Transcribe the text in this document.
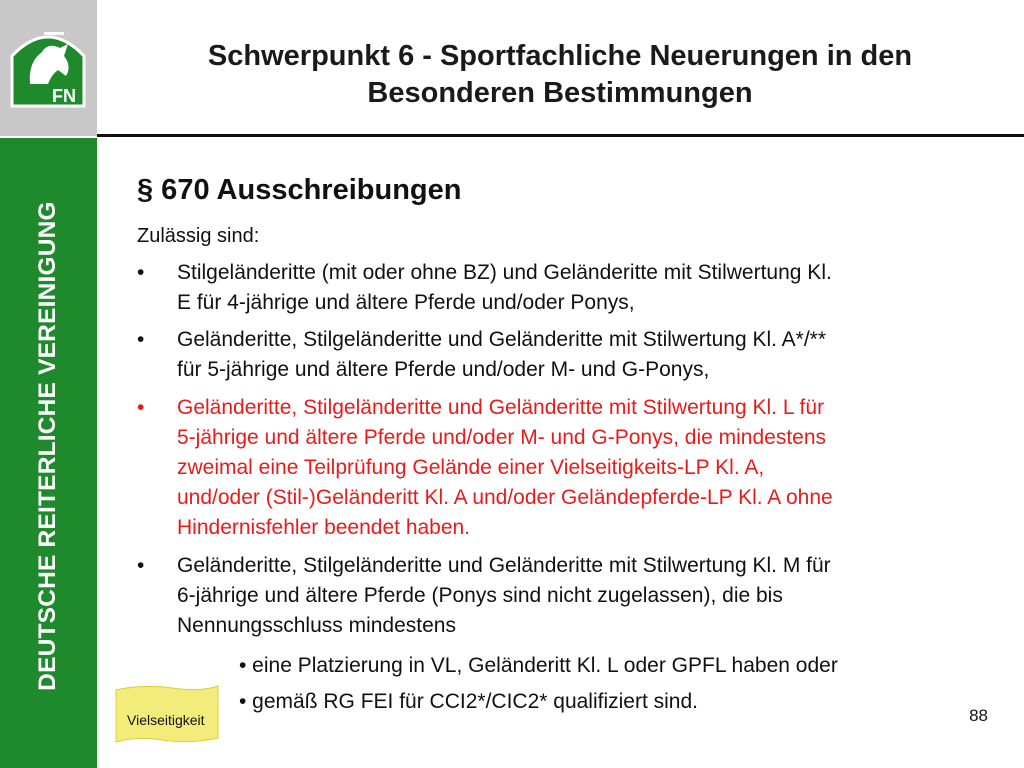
FN
DEUTSCHE REITERLICHE VEREINIGUNG
Schwerpunkt 6 - Sportfachliche Neuerungen in den
Besonderen Bestimmungen
§ 670 Ausschreibungen
Zulässig sind:
• Stilgeländeritte (mit oder ohne BZ) und Geländeritte mit Stilwertung Kl.
E für 4-jährige und ältere Pferde und/oder Ponys,
• Geländeritte, Stilgeländeritte und Geländeritte mit Stilwertung Kl. A*/**
für 5-jährige und ältere Pferde und/oder M- und G-Ponys,
• Geländeritte, Stilgeländeritte und Geländeritte mit Stilwertung Kl. L für
5-jährige und ältere Pferde und/oder M- und G-Ponys, die mindestens
zweimal eine Teilprüfung Gelände einer Vielseitigkeits-LP Kl. A,
und/oder (Stil-)Geländeritt Kl. A und/oder Geländepferde-LP Kl. A ohne
Hindernisfehler beendet haben.
• Geländeritte, Stilgeländeritte und Geländeritte mit Stilwertung Kl. M für
6-jährige und ältere Pferde (Ponys sind nicht zugelassen), die bis
Nennungsschluss mindestens
• eine Platzierung in VL, Geländeritt Kl. L oder GPFL haben oder
• gemäß RG FEI für CCI2*/CIC2* qualifiziert sind.
Vielseitigkeit	88
